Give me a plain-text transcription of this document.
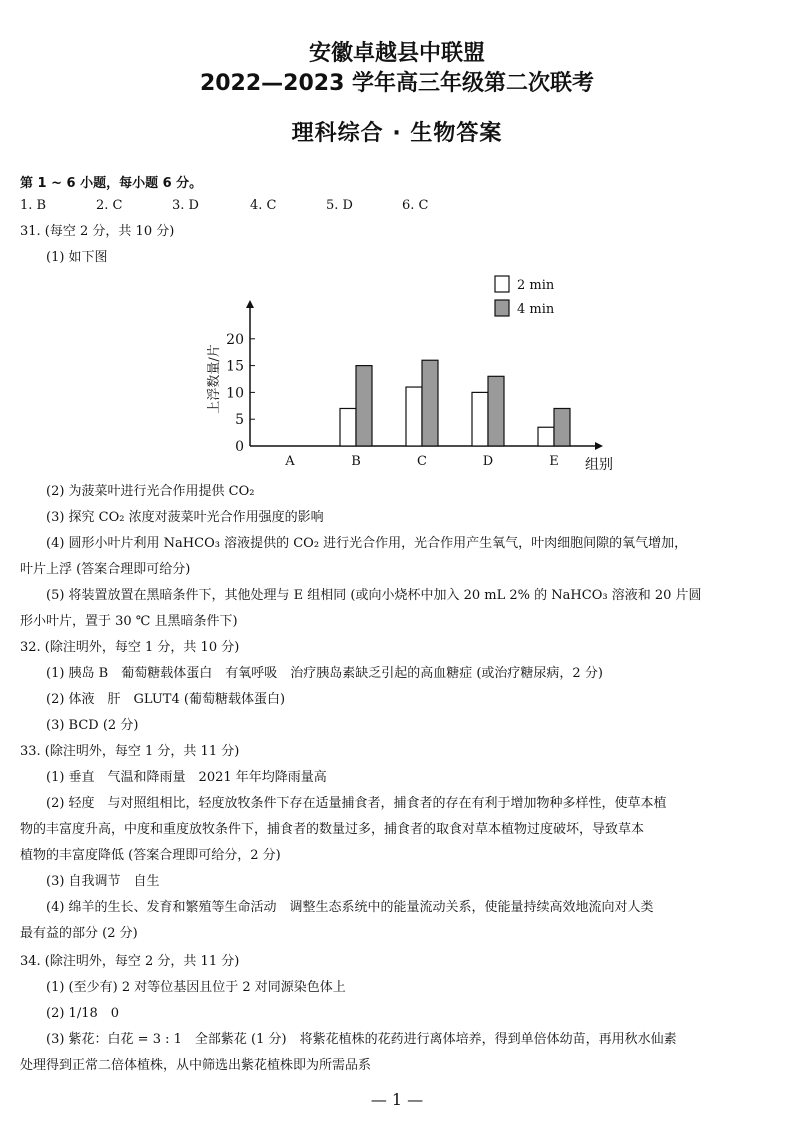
安徽卓越县中联盟
2022—2023 学年高三年级第二次联考
理科综合 · 生物答案
第 1 ~ 6 小题，每小题 6 分。
1. B	2. C	3. D	4. C	5. D	6. C
31. (每空 2 分，共 10 分)
(1) 如下图
0
5
10
15
20
上浮数量/片
组别
A	B	C	D	E
2 min
4 min
(2) 为菠菜叶进行光合作用提供 CO₂
(3) 探究 CO₂ 浓度对菠菜叶光合作用强度的影响
(4) 圆形小叶片利用 NaHCO₃ 溶液提供的 CO₂ 进行光合作用，光合作用产生氧气，叶肉细胞间隙的氧气增加，
叶片上浮 (答案合理即可给分)
(5) 将装置放置在黑暗条件下，其他处理与 E 组相同 (或向小烧杯中加入 20 mL 2% 的 NaHCO₃ 溶液和 20 片圆
形小叶片，置于 30 ℃ 且黑暗条件下)
32. (除注明外，每空 1 分，共 10 分)
(1) 胰岛 B　葡萄糖载体蛋白　有氧呼吸　治疗胰岛素缺乏引起的高血糖症 (或治疗糖尿病，2 分)
(2) 体液　肝　GLUT4 (葡萄糖载体蛋白)
(3) BCD (2 分)
33. (除注明外，每空 1 分，共 11 分)
(1) 垂直　气温和降雨量　2021 年年均降雨量高
(2) 轻度　与对照组相比，轻度放牧条件下存在适量捕食者，捕食者的存在有利于增加物种多样性，使草本植
物的丰富度升高，中度和重度放牧条件下，捕食者的数量过多，捕食者的取食对草本植物过度破坏，导致草本
植物的丰富度降低 (答案合理即可给分，2 分)
(3) 自我调节　自生
(4) 绵羊的生长、发育和繁殖等生命活动　调整生态系统中的能量流动关系，使能量持续高效地流向对人类
最有益的部分 (2 分)
34. (除注明外，每空 2 分，共 11 分)
(1) (至少有) 2 对等位基因且位于 2 对同源染色体上
(2) 1/18　0
(3) 紫花：白花 = 3 : 1　全部紫花 (1 分)　将紫花植株的花药进行离体培养，得到单倍体幼苗，再用秋水仙素
处理得到正常二倍体植株，从中筛选出紫花植株即为所需品系
— 1 —
